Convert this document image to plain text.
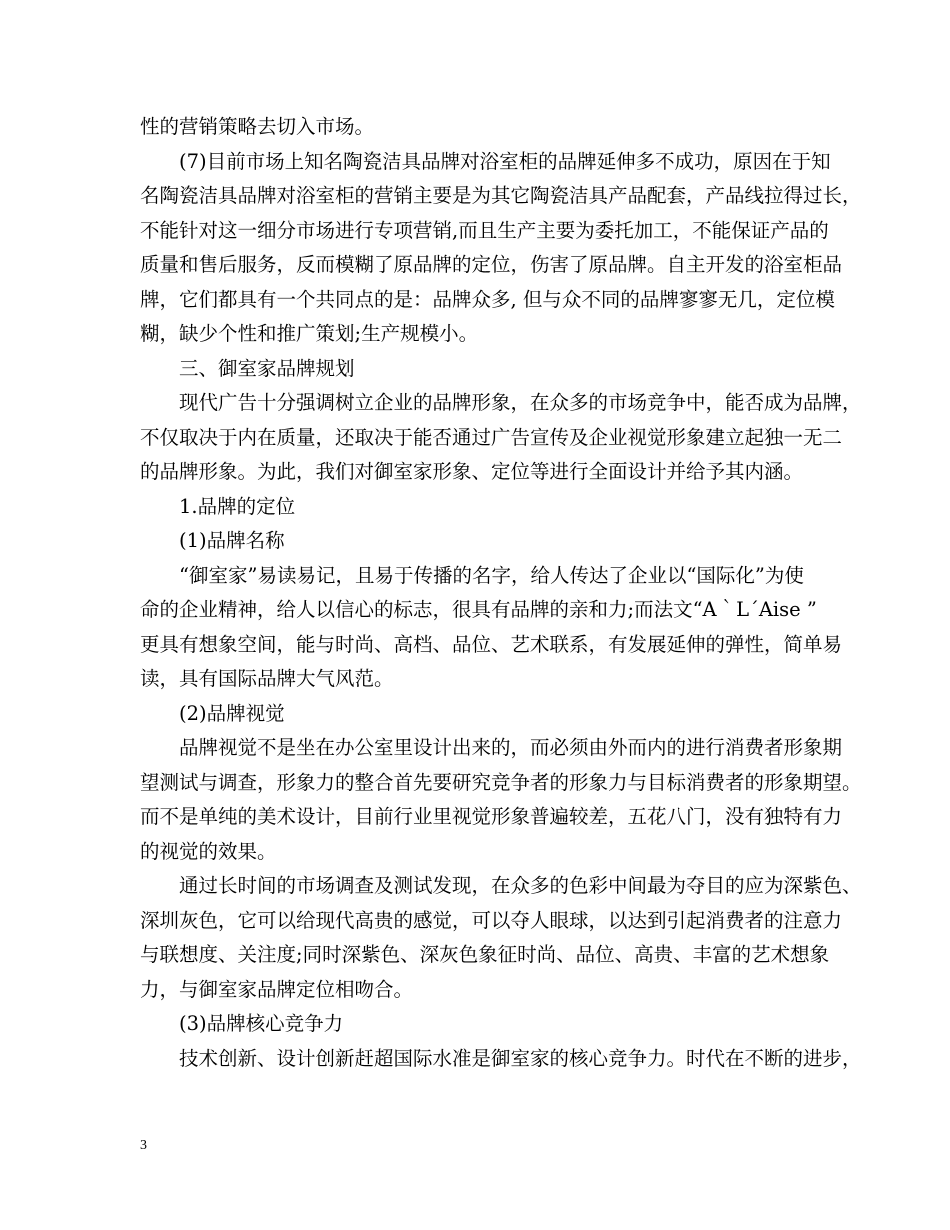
性的营销策略去切入市场。
(7)目前市场上知名陶瓷洁具品牌对浴室柜的品牌延伸多不成功，原因在于知
名陶瓷洁具品牌对浴室柜的营销主要是为其它陶瓷洁具产品配套，产品线拉得过长，
不能针对这一细分市场进行专项营销,而且生产主要为委托加工，不能保证产品的
质量和售后服务，反而模糊了原品牌的定位，伤害了原品牌。自主开发的浴室柜品
牌，它们都具有一个共同点的是：品牌众多, 但与众不同的品牌寥寥无几，定位模
糊，缺少个性和推广策划;生产规模小。
三、御室家品牌规划
现代广告十分强调树立企业的品牌形象，在众多的市场竞争中，能否成为品牌，
不仅取决于内在质量，还取决于能否通过广告宣传及企业视觉形象建立起独一无二
的品牌形象。为此，我们对御室家形象、定位等进行全面设计并给予其内涵。
1.品牌的定位
(1)品牌名称
“御室家”易读易记，且易于传播的名字，给人传达了企业以“国际化”为使
命的企业精神，给人以信心的标志，很具有品牌的亲和力;而法文“A｀L´Aise ”
更具有想象空间，能与时尚、高档、品位、艺术联系，有发展延伸的弹性，简单易
读，具有国际品牌大气风范。
(2)品牌视觉
品牌视觉不是坐在办公室里设计出来的，而必须由外而内的进行消费者形象期
望测试与调查，形象力的整合首先要研究竞争者的形象力与目标消费者的形象期望。
而不是单纯的美术设计，目前行业里视觉形象普遍较差，五花八门，没有独特有力
的视觉的效果。
通过长时间的市场调查及测试发现，在众多的色彩中间最为夺目的应为深紫色、
深圳灰色，它可以给现代高贵的感觉，可以夺人眼球，以达到引起消费者的注意力
与联想度、关注度;同时深紫色、深灰色象征时尚、品位、高贵、丰富的艺术想象
力，与御室家品牌定位相吻合。
(3)品牌核心竞争力
技术创新、设计创新赶超国际水准是御室家的核心竞争力。时代在不断的进步，
3
